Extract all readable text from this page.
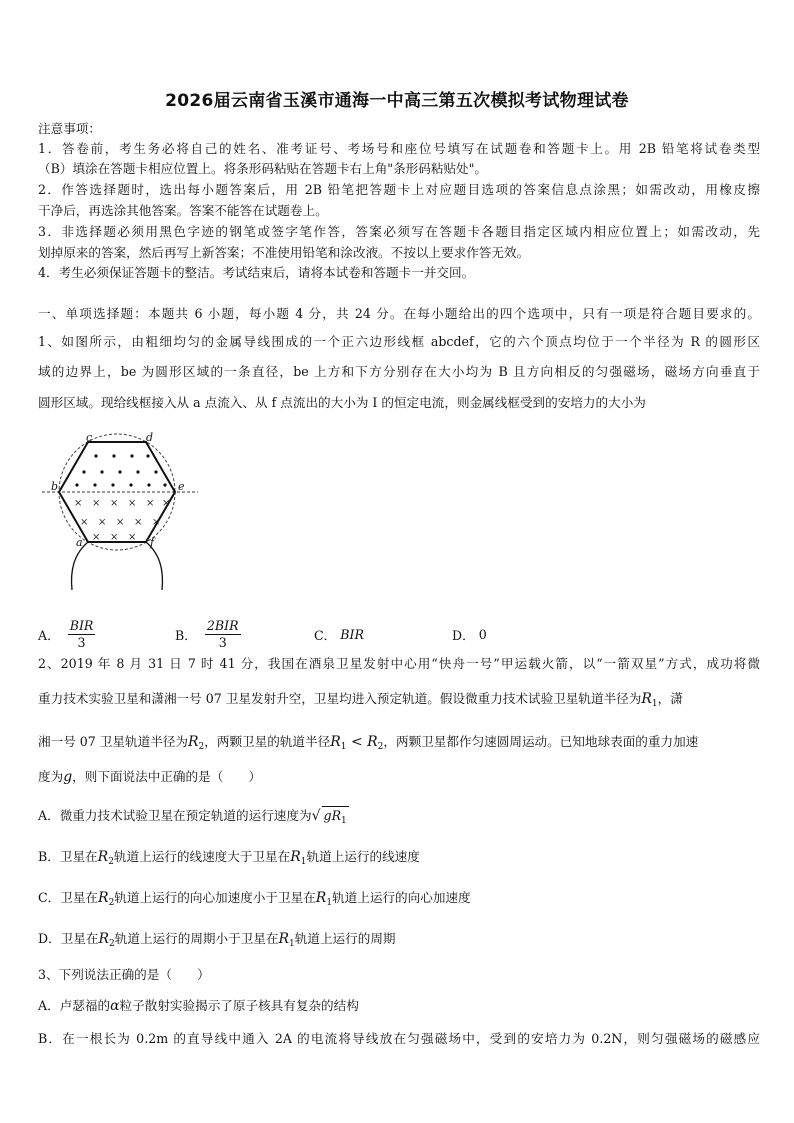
2026届云南省玉溪市通海一中高三第五次模拟考试物理试卷
注意事项：
1．答卷前，考生务必将自己的姓名、准考证号、考场号和座位号填写在试题卷和答题卡上。用 2B 铅笔将试卷类型
（B）填涂在答题卡相应位置上。将条形码粘贴在答题卡右上角"条形码粘贴处"。
2．作答选择题时，选出每小题答案后，用 2B 铅笔把答题卡上对应题目选项的答案信息点涂黑；如需改动，用橡皮擦
干净后，再选涂其他答案。答案不能答在试题卷上。
3．非选择题必须用黑色字迹的钢笔或签字笔作答，答案必须写在答题卡各题目指定区域内相应位置上；如需改动，先
划掉原来的答案，然后再写上新答案；不准使用铅笔和涂改液。不按以上要求作答无效。
4．考生必须保证答题卡的整洁。考试结束后，请将本试卷和答题卡一并交回。
一、单项选择题：本题共 6 小题，每小题 4 分，共 24 分。在每小题给出的四个选项中，只有一项是符合题目要求的。
1、如图所示，由粗细均匀的金属导线围成的一个正六边形线框 abcdef，它的六个顶点均位于一个半径为 R 的圆形区
域的边界上，be 为圆形区域的一条直径，be 上方和下方分别存在大小均为 B 且方向相反的匀强磁场，磁场方向垂直于
圆形区域。现给线框接入从 a 点流入、从 f 点流出的大小为 I 的恒定电流，则金属线框受到的安培力的大小为
× × × × × ×
× × × × ×
× × ×
c	d
b	e
a	f
A． $\frac{\text{BIR}}{3}$	B． $\frac{\text{2BIR}}{3}$	C． BIR	D． 0
2、2019 年 8 月 31 日 7 时 41 分，我国在酒泉卫星发射中心用“快舟一号”甲运载火箭，以“一箭双星”方式，成功将微
重力技术实验卫星和潇湘一号 07 卫星发射升空，卫星均进入预定轨道。假设微重力技术试验卫星轨道半径为$R_1$，潇
湘一号 07 卫星轨道半径为$R_2$，两颗卫星的轨道半径$R_1 < R_2$，两颗卫星都作匀速圆周运动。已知地球表面的重力加速
度为g，则下面说法中正确的是（　　）
A．微重力技术试验卫星在预定轨道的运行速度为√ $gR_1$
B．卫星在$R_2$轨道上运行的线速度大于卫星在$R_1$轨道上运行的线速度
C．卫星在$R_2$轨道上运行的向心加速度小于卫星在$R_1$轨道上运行的向心加速度
D．卫星在$R_2$轨道上运行的周期小于卫星在$R_1$轨道上运行的周期
3、下列说法正确的是（　　）
A．卢瑟福的α粒子散射实验揭示了原子核具有复杂的结构
B．在一根长为 0.2m 的直导线中通入 2A 的电流将导线放在匀强磁场中，受到的安培力为 0.2N，则匀强磁场的磁感应
